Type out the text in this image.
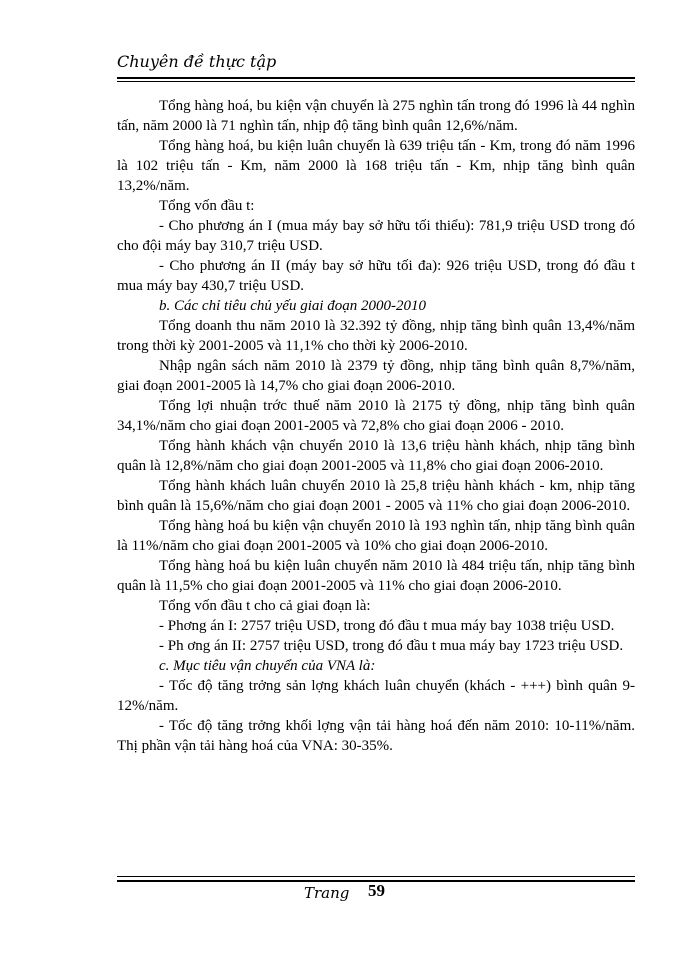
Chuyên đề thực tập

Tổng hàng hoá, bu kiện vận chuyển là 275 nghìn tấn trong đó 1996 là 44 nghìn tấn, năm 2000 là 71 nghìn tấn, nhịp độ tăng bình quân 12,6%/năm.

Tổng hàng hoá, bu kiện luân chuyển là 639 triệu tấn - Km, trong đó năm 1996 là 102 triệu tấn - Km, năm 2000 là 168 triệu tấn - Km, nhịp tăng bình quân 13,2%/năm.

Tổng vốn đầu t:

- Cho phương án I (mua máy bay sở hữu tối thiểu): 781,9 triệu USD trong đó cho đội máy bay 310,7 triệu USD.

- Cho phương án II (máy bay sở hữu tối đa): 926 triệu USD, trong đó đầu t mua máy bay 430,7 triệu USD.

b. Các chỉ tiêu chủ yếu giai đoạn 2000-2010

Tổng doanh thu năm 2010 là 32.392 tỷ đồng, nhịp tăng bình quân 13,4%/năm trong thời kỳ 2001-2005 và 11,1% cho thời kỳ 2006-2010.

Nhập ngân sách năm 2010 là 2379 tỷ đồng, nhịp tăng bình quân 8,7%/năm, giai đoạn 2001-2005 là 14,7% cho giai đoạn 2006-2010.

Tổng lợi nhuận trớc thuế năm 2010 là 2175 tỷ đồng, nhịp tăng bình quân 34,1%/năm cho giai đoạn 2001-2005 và 72,8% cho giai đoạn 2006 - 2010.

Tổng hành khách vận chuyển 2010 là 13,6 triệu hành khách, nhịp tăng bình quân là 12,8%/năm cho giai đoạn 2001-2005 và 11,8% cho giai đoạn 2006-2010.

Tổng hành khách luân chuyển 2010 là 25,8 triệu hành khách - km, nhịp tăng bình quân là 15,6%/năm cho giai đoạn 2001 - 2005 và 11% cho giai đoạn 2006-2010.

Tổng hàng hoá bu kiện vận chuyển 2010 là 193 nghìn tấn, nhịp tăng bình quân là 11%/năm cho giai đoạn 2001-2005 và 10% cho giai đoạn 2006-2010.

Tổng hàng hoá bu kiện luân chuyển năm 2010 là 484 triệu tấn, nhịp tăng bình quân là 11,5% cho giai đoạn 2001-2005 và 11% cho giai đoạn 2006-2010.

Tổng vốn đầu t cho cả giai đoạn là:

- Phơng án I: 2757 triệu USD, trong đó đầu t mua máy bay 1038 triệu USD.

- Ph ơng án II: 2757 triệu USD, trong đó đầu t mua máy bay 1723 triệu USD.

c. Mục tiêu vận chuyển của VNA là:

- Tốc độ tăng trởng sản lợng khách luân chuyển (khách - +++) bình quân 9-12%/năm.

- Tốc độ tăng trởng khối lợng vận tải hàng hoá đến năm 2010: 10-11%/năm. Thị phần vận tải hàng hoá của VNA: 30-35%.

Trang 59
